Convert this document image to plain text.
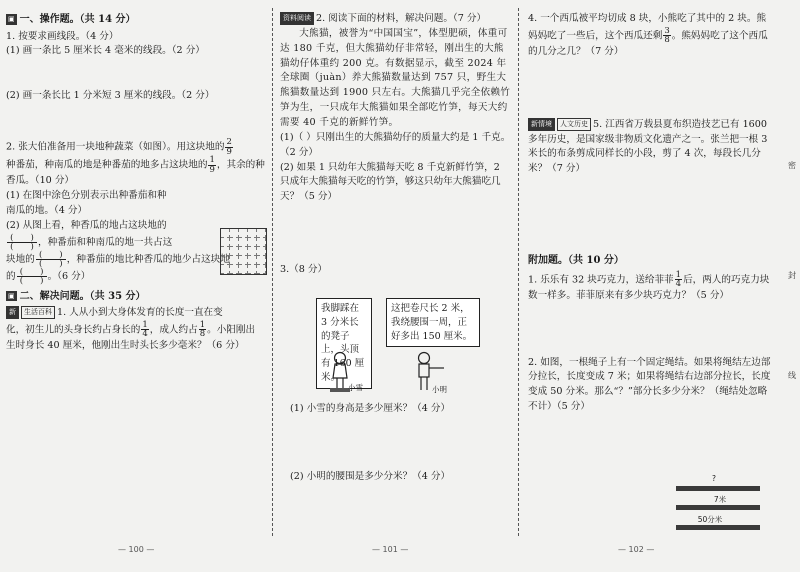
▣ 一、操作题。（共 14 分）

1. 按要求画线段。（4 分）

(1) 画一条比 5 厘米长 4 毫米的线段。（2 分）

(2) 画一条长比 1 分米短 3 厘米的线段。（2 分）

2. 张大伯准备用一块地种蔬菜（如图）。用这块地的 $\frac{2}{9}$

种番茄，种南瓜的地是种番茄的地多占这块地的 $\frac{1}{9}$ ，其余的种香瓜。（10 分）

(1) 在图中涂色分别表示出种番茄和种
南瓜的地。（4 分）

(2) 从图上看，种香瓜的地占这块地的

(　　)
(　　) ，种番茄和种南瓜的地一共占这

块地的 (　　)
(　　) ，种番茄的地比种香瓜的地少占这块地

的 (　　)
(　　) 。（6 分）

▣ 二、解决问题。（共 35 分）

新 生活百科 1. 人从小到大身体发育的长度一直在变
化，初生儿的头身长约占身长的 $\frac{1}{4}$ ，成人约占 $\frac{1}{8}$ 。小阳刚出
生时身长 40 厘米，他刚出生时头长多少毫米？（6 分）

资料阅读 2. 阅读下面的材料，解决问题。（7 分）

大熊猫，被誉为“中国国宝”，体型肥硕，体重可达 180 千克，但大熊猫幼仔非常轻，刚出生的大熊猫幼仔体重约 200 克。有数据显示，截至 2024 年全球圈（juàn）养大熊猫数量达到 757 只，野生大熊猫数量达到 1900 只左右。大熊猫几乎完全依赖竹笋为生，一只成年大熊猫如果全部吃竹笋，每天大约需要 40 千克的新鲜竹笋。

(1)（ ）只刚出生的大熊猫幼仔的质量大约是 1 千克。（2 分）

(2) 如果 1 只幼年大熊猫每天吃 8 千克新鲜竹笋，2 只成年大熊猫每天吃的竹笋，够这只幼年大熊猫吃几天？（5 分）

3.（8 分）

我脚踩在 3 分米长的凳子上，头顶有 160 厘米。
这把卷尺长 2 米，我绕腰围一周，正好多出 150 厘米。
小雪	小明

(1) 小雪的身高是多少厘米？（4 分）

(2) 小明的腰围是多少分米？（4 分）

4. 一个西瓜被平均切成 8 块，小熊吃了其中的 2 块。熊妈妈吃了一些后，这个西瓜还剩 $\frac{3}{8}$ 。熊妈妈吃了这个西瓜的几分之几？（7 分）

新情境 人文历史 5. 江西省万载县夏布织造技艺已有 1600 多年历史，是国家级非物质文化遗产之一。张兰把一根 3 米长的布条剪成同样长的小段，剪了 4 次，每段长几分米？（7 分）

附加题。（共 10 分）

1. 乐乐有 32 块巧克力，送给菲菲 $\frac{1}{4}$ 后，两人的巧克力块数一样多。菲菲原来有多少块巧克力？（5 分）

2. 如图，一根绳子上有一个固定绳结。如果将绳结左边部分拉长，长度变成 7 米；如果将绳结右边部分拉长，长度变成 50 分米。那么“？”部分长多少分米？（绳结处忽略不计）（5 分）

?
7米
50分米
密
封
线
— 100 —	— 101 —	— 102 —
